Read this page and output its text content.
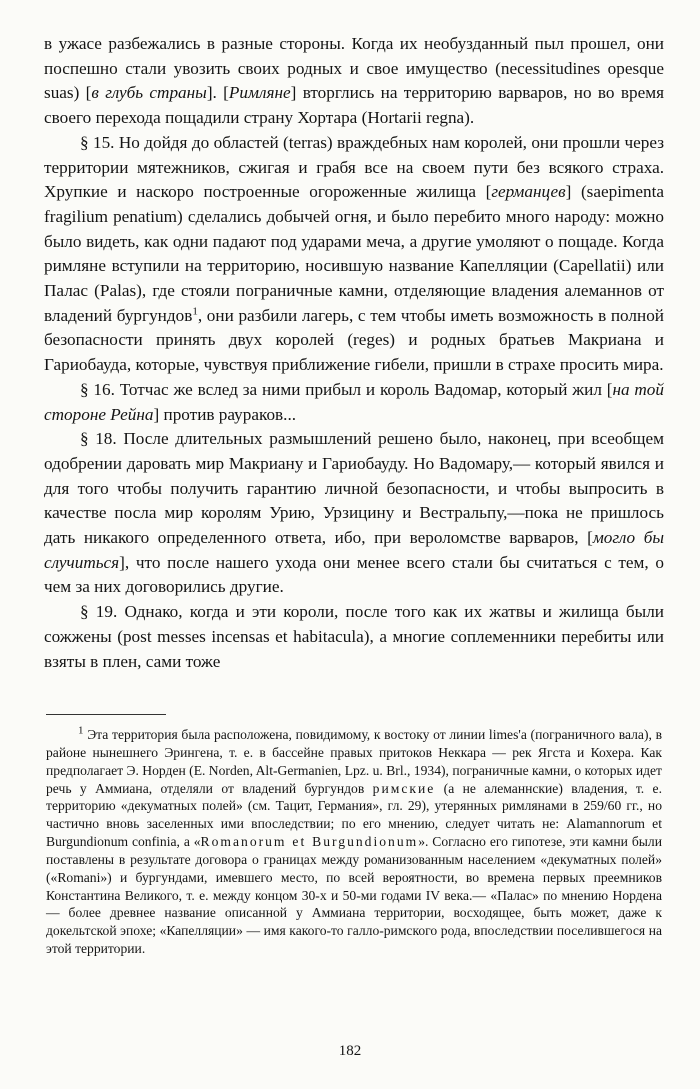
в ужасе разбежались в разные стороны. Когда их необузданный пыл прошел, они поспешно стали увозить своих родных и свое имущество (necessitudines opesque suas) [в глубь страны]. [Римляне] вторглись на территорию варваров, но во время своего перехода пощадили страну Хортара (Hortarii regna).

§ 15. Но дойдя до областей (terras) враждебных нам королей, они прошли через территории мятежников, сжигая и грабя все на своем пути без всякого страха. Хрупкие и наскоро построенные огороженные жилища [германцев] (saepimenta fragilium penatium) сделались добычей огня, и было перебито много народу: можно было видеть, как одни падают под ударами меча, а другие умоляют о пощаде. Когда римляне вступили на территорию, носившую название Капелляции (Capellatii) или Палас (Palas), где стояли пограничные камни, отделяющие владения алеманнов от владений бургундов$^1$, они разбили лагерь, с тем чтобы иметь возможность в полной безопасности принять двух королей (reges) и родных братьев Макриана и Гариобауда, которые, чувствуя приближение гибели, пришли в страхе просить мира.

§ 16. Тотчас же вслед за ними прибыл и король Вадомар, который жил [на той стороне Рейна] против раураков...

§ 18. После длительных размышлений решено было, наконец, при всеобщем одобрении даровать мир Макриану и Гариобауду. Но Вадомару,— который явился и для того чтобы получить гарантию личной безопасности, и чтобы выпросить в качестве посла мир королям Урию, Урзицину и Вестральпу,—пока не пришлось дать никакого определенного ответа, ибо, при вероломстве варваров, [могло бы случиться], что после нашего ухода они менее всего стали бы считаться с тем, о чем за них договорились другие.

§ 19. Однако, когда и эти короли, после того как их жатвы и жилища были сожжены (post messes incensas et habitacula), а многие соплеменники перебиты или взяты в плен, сами тоже

$^1$ Эта территория была расположена, повидимому, к востоку от линии limes'а (пограничного вала), в районе нынешнего Эрингена, т. е. в бассейне правых притоков Неккара — рек Ягста и Кохера. Как предполагает Э. Норден (E. Norden, Alt-Germanien, Lpz. u. Brl., 1934), пограничные камни, о которых идет речь у Аммиана, отделяли от владений бургундов римские (а не алеманнские) владения, т. е. территорию «декуматных полей» (см. Тацит, Германия», гл. 29), утерянных римлянами в 259/60 гг., но частично вновь заселенных ими впоследствии; по его мнению, следует читать не: Alamannorum et Burgundionum confinia, а «Romanorum et Burgundionum». Согласно его гипотезе, эти камни были поставлены в результате договора о границах между романизованным населением «декуматных полей» («Romani») и бургундами, имевшего место, по всей вероятности, во времена первых преемников Константина Великого, т. е. между концом 30-х и 50-ми годами IV века.— «Палас» по мнению Нордена — более древнее название описанной у Аммиана территории, восходящее, быть может, даже к докельтской эпохе; «Капелляции» — имя какого-то галло-римского рода, впоследствии поселившегося на этой территории.

182
